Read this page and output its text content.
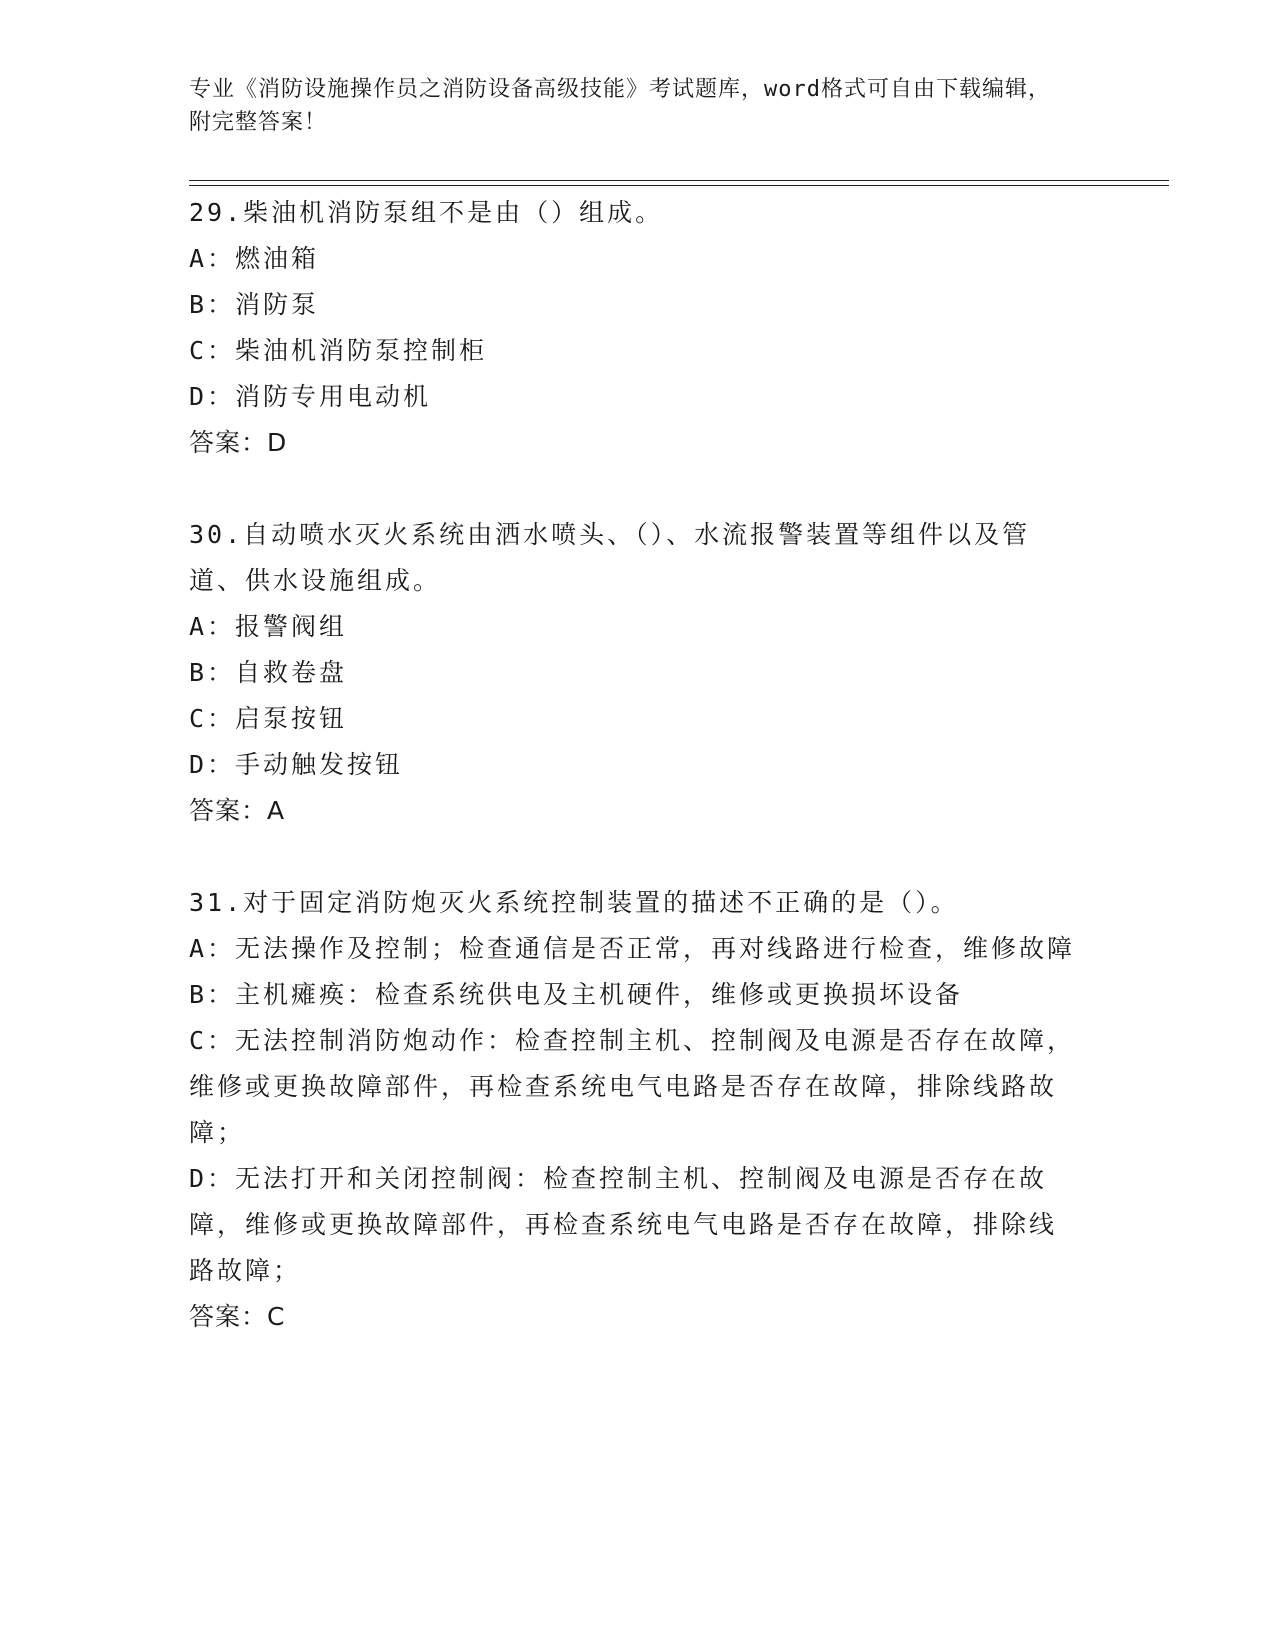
专业《消防设施操作员之消防设备高级技能》考试题库，word格式可自由下载编辑，附完整答案！
29.柴油机消防泵组不是由（）组成。
A：燃油箱
B：消防泵
C：柴油机消防泵控制柜
D：消防专用电动机
答案：D
30.自动喷水灭火系统由洒水喷头、（）、水流报警装置等组件以及管道、供水设施组成。
A：报警阀组
B：自救卷盘
C：启泵按钮
D：手动触发按钮
答案：A
31.对于固定消防炮灭火系统控制装置的描述不正确的是（）。
A：无法操作及控制；检查通信是否正常，再对线路进行检查，维修故障
B：主机瘫痪：检查系统供电及主机硬件，维修或更换损坏设备
C：无法控制消防炮动作：检查控制主机、控制阀及电源是否存在故障，维修或更换故障部件，再检查系统电气电路是否存在故障，排除线路故障；
D：无法打开和关闭控制阀：检查控制主机、控制阀及电源是否存在故障，维修或更换故障部件，再检查系统电气电路是否存在故障，排除线路故障；
答案：C
